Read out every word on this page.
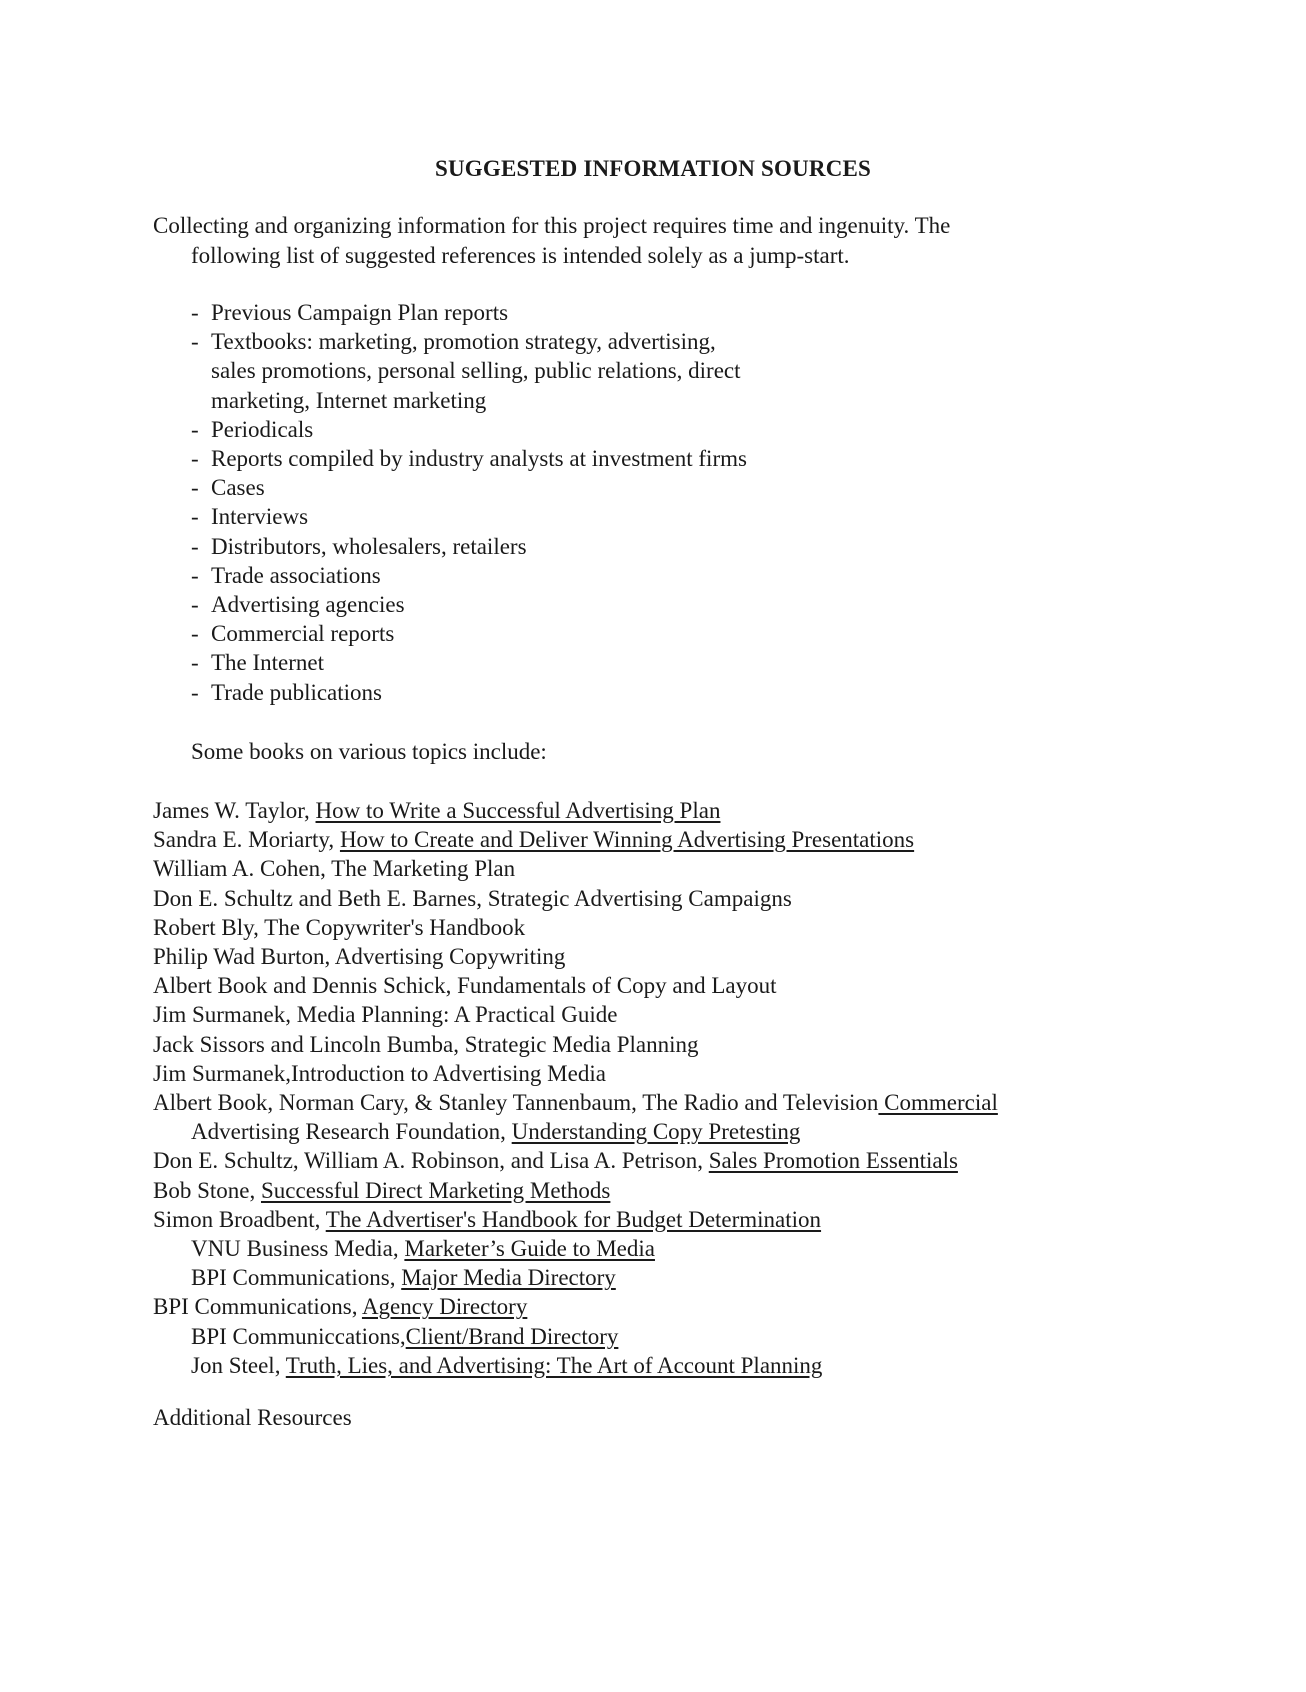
SUGGESTED INFORMATION SOURCES
Collecting and organizing information for this project requires time and ingenuity. The
following list of suggested references is intended solely as a jump-start.
- Previous Campaign Plan reports
- Textbooks: marketing, promotion strategy, advertising,
sales promotions, personal selling, public relations, direct
marketing, Internet marketing
- Periodicals
- Reports compiled by industry analysts at investment firms
- Cases
- Interviews
- Distributors, wholesalers, retailers
- Trade associations
- Advertising agencies
- Commercial reports
- The Internet
- Trade publications
Some books on various topics include:
James W. Taylor, How to Write a Successful Advertising Plan
Sandra E. Moriarty, How to Create and Deliver Winning Advertising Presentations
William A. Cohen, The Marketing Plan
Don E. Schultz and Beth E. Barnes, Strategic Advertising Campaigns
Robert Bly, The Copywriter's Handbook
Philip Wad Burton, Advertising Copywriting
Albert Book and Dennis Schick, Fundamentals of Copy and Layout
Jim Surmanek, Media Planning: A Practical Guide
Jack Sissors and Lincoln Bumba, Strategic Media Planning
Jim Surmanek,Introduction to Advertising Media
Albert Book, Norman Cary, & Stanley Tannenbaum, The Radio and Television Commercial
Advertising Research Foundation, Understanding Copy Pretesting
Don E. Schultz, William A. Robinson, and Lisa A. Petrison, Sales Promotion Essentials
Bob Stone, Successful Direct Marketing Methods
Simon Broadbent, The Advertiser's Handbook for Budget Determination
VNU Business Media, Marketer’s Guide to Media
BPI Communications, Major Media Directory
BPI Communications, Agency Directory
BPI Communiccations,Client/Brand Directory
Jon Steel, Truth, Lies, and Advertising: The Art of Account Planning
Additional Resources
